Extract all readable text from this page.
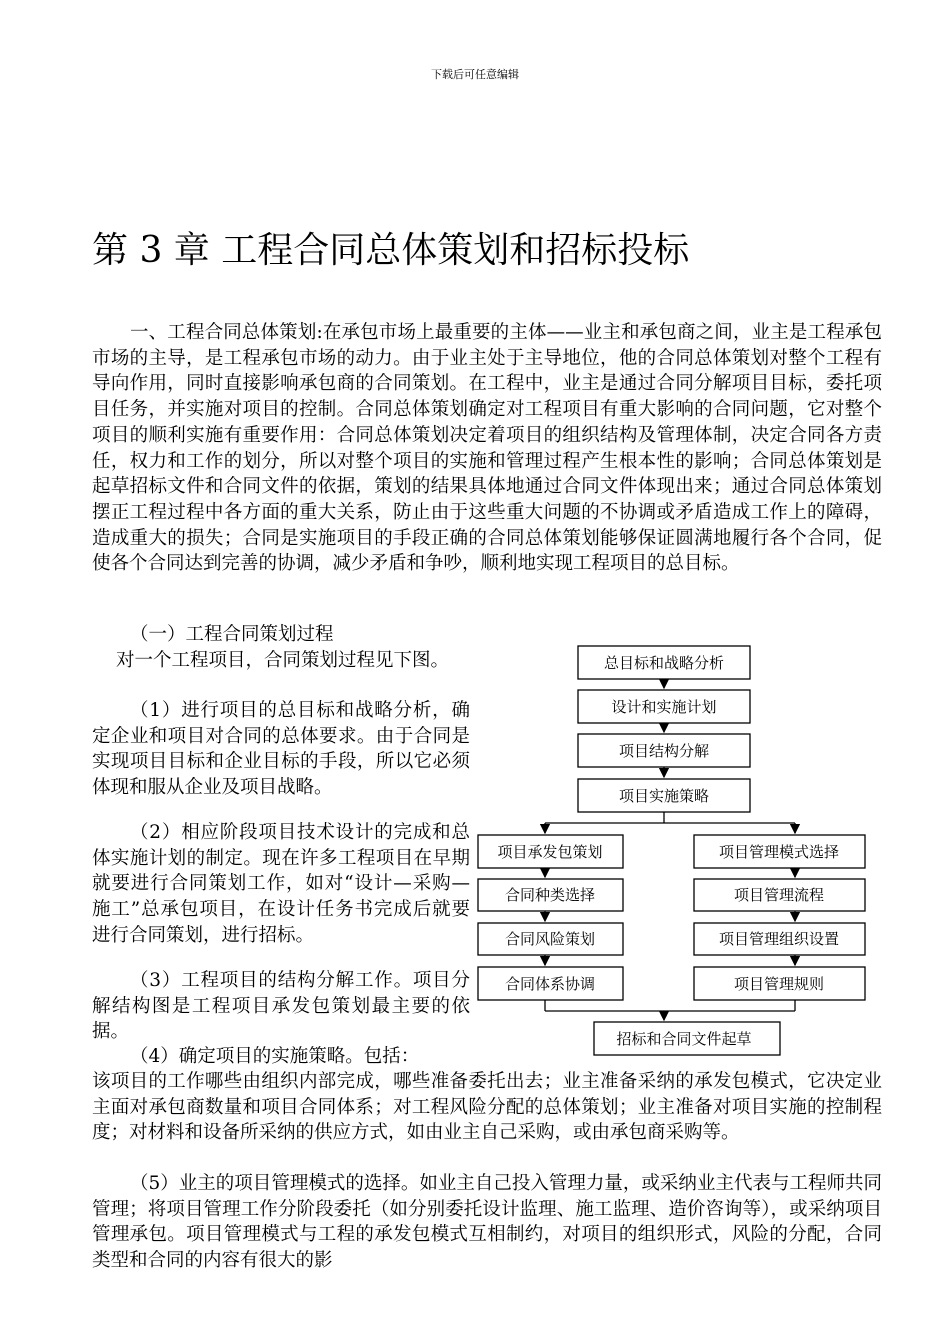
下载后可任意编辑
第 3 章 工程合同总体策划和招标投标
一、工程合同总体策划:在承包市场上最重要的主体——业主和承包商之间，业主是工程承包市场的主导，是工程承包市场的动力。由于业主处于主导地位，他的合同总体策划对整个工程有导向作用，同时直接影响承包商的合同策划。在工程中，业主是通过合同分解项目目标，委托项目任务，并实施对项目的控制。合同总体策划确定对工程项目有重大影响的合同问题，它对整个项目的顺利实施有重要作用：合同总体策划决定着项目的组织结构及管理体制，决定合同各方责任，权力和工作的划分，所以对整个项目的实施和管理过程产生根本性的影响；合同总体策划是起草招标文件和合同文件的依据，策划的结果具体地通过合同文件体现出来；通过合同总体策划摆正工程过程中各方面的重大关系，防止由于这些重大问题的不协调或矛盾造成工作上的障碍，造成重大的损失；合同是实施项目的手段正确的合同总体策划能够保证圆满地履行各个合同，促使各个合同达到完善的协调，减少矛盾和争吵，顺利地实现工程项目的总目标。
（一）工程合同策划过程
对一个工程项目，合同策划过程见下图。
（1）进行项目的总目标和战略分析，确定企业和项目对合同的总体要求。由于合同是实现项目目标和企业目标的手段，所以它必须体现和服从企业及项目战略。
（2）相应阶段项目技术设计的完成和总体实施计划的制定。现在许多工程项目在早期就要进行合同策划工作，如对“设计—采购—施工”总承包项目，在设计任务书完成后就要进行合同策划，进行招标。
（3）工程项目的结构分解工作。项目分解结构图是工程项目承发包策划最主要的依据。
（4）确定项目的实施策略。包括：
该项目的工作哪些由组织内部完成，哪些准备委托出去；业主准备采纳的承发包模式，它决定业主面对承包商数量和项目合同体系；对工程风险分配的总体策划；业主准备对项目实施的控制程度；对材料和设备所采纳的供应方式，如由业主自己采购，或由承包商采购等。
（5）业主的项目管理模式的选择。如业主自己投入管理力量，或采纳业主代表与工程师共同管理；将项目管理工作分阶段委托（如分别委托设计监理、施工监理、造价咨询等），或采纳项目管理承包。项目管理模式与工程的承发包模式互相制约，对项目的组织形式，风险的分配，合同类型和合同的内容有很大的影
总目标和战略分析
设计和实施计划
项目结构分解
项目实施策略
项目承发包策划
合同种类选择
合同风险策划
合同体系协调
项目管理模式选择
项目管理流程
项目管理组织设置
项目管理规则
招标和合同文件起草
